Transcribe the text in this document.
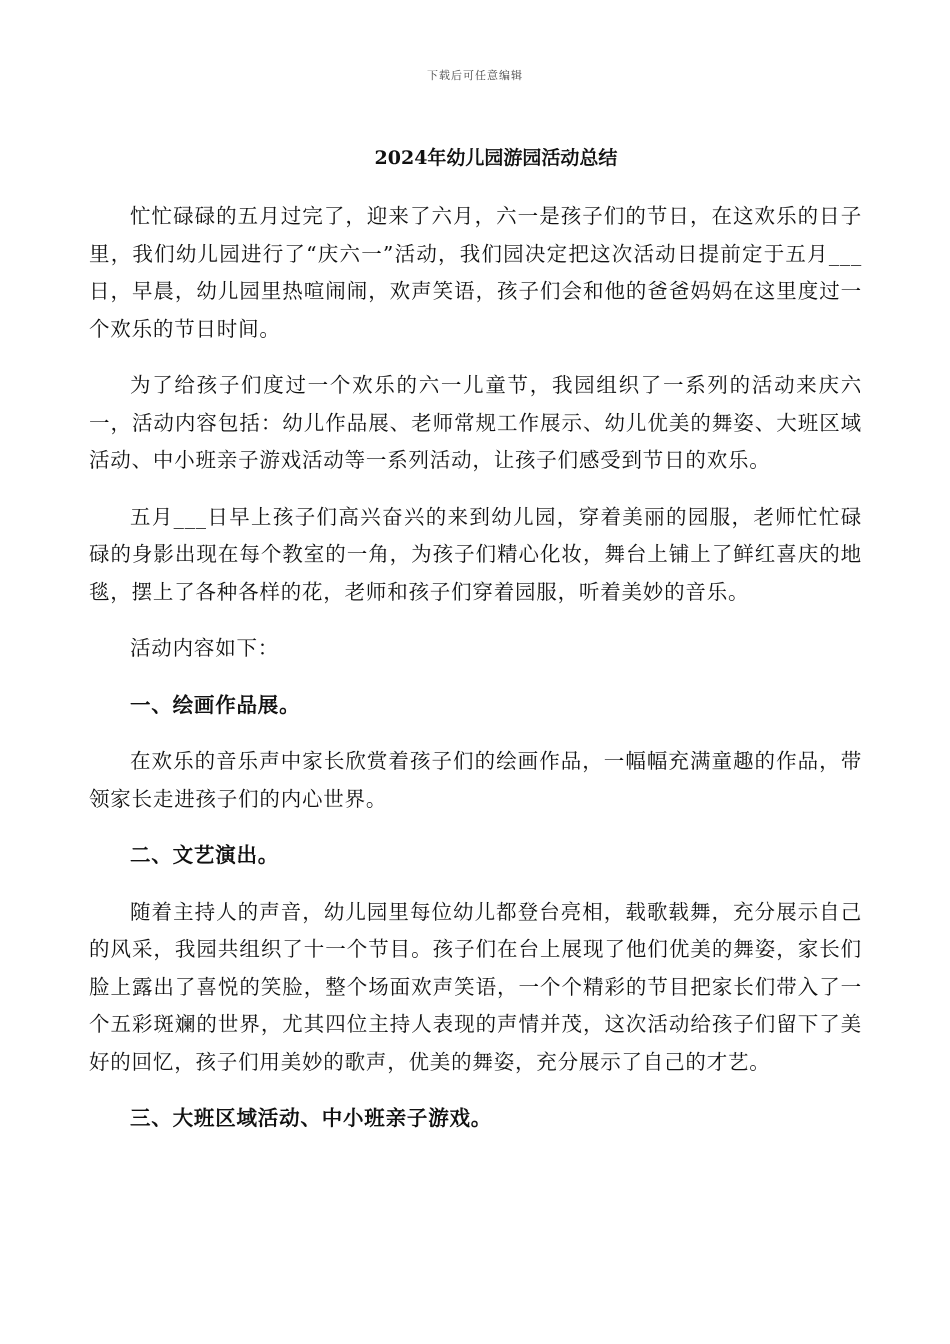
下载后可任意编辑
2024年幼儿园游园活动总结

忙忙碌碌的五月过完了，迎来了六月，六一是孩子们的节日，在这欢乐的日子里，我们幼儿园进行了“庆六一”活动，我们园决定把这次活动日提前定于五月___日，早晨，幼儿园里热喧闹闹，欢声笑语，孩子们会和他的爸爸妈妈在这里度过一个欢乐的节日时间。

为了给孩子们度过一个欢乐的六一儿童节，我园组织了一系列的活动来庆六一，活动内容包括：幼儿作品展、老师常规工作展示、幼儿优美的舞姿、大班区域活动、中小班亲子游戏活动等一系列活动，让孩子们感受到节日的欢乐。

五月___日早上孩子们高兴奋兴的来到幼儿园，穿着美丽的园服，老师忙忙碌碌的身影出现在每个教室的一角，为孩子们精心化妆，舞台上铺上了鲜红喜庆的地毯，摆上了各种各样的花，老师和孩子们穿着园服，听着美妙的音乐。

活动内容如下：

一、绘画作品展。

在欢乐的音乐声中家长欣赏着孩子们的绘画作品，一幅幅充满童趣的作品，带领家长走进孩子们的内心世界。

二、文艺演出。

随着主持人的声音，幼儿园里每位幼儿都登台亮相，载歌载舞，充分展示自己的风采，我园共组织了十一个节目。孩子们在台上展现了他们优美的舞姿，家长们脸上露出了喜悦的笑脸，整个场面欢声笑语，一个个精彩的节目把家长们带入了一个五彩斑斓的世界，尤其四位主持人表现的声情并茂，这次活动给孩子们留下了美好的回忆，孩子们用美妙的歌声，优美的舞姿，充分展示了自己的才艺。

三、大班区域活动、中小班亲子游戏。
